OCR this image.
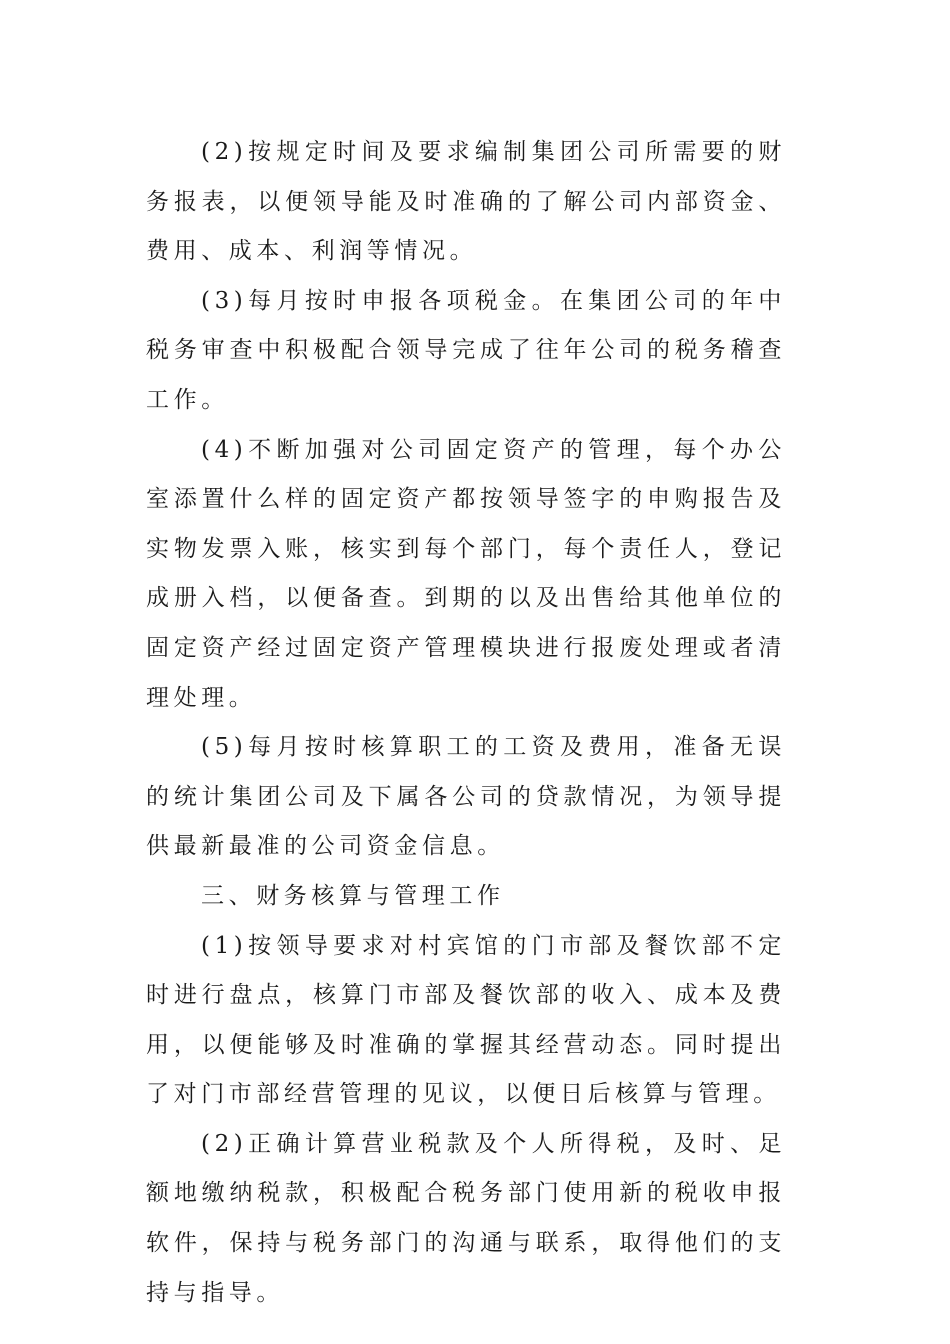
(2)按规定时间及要求编制集团公司所需要的财务报表，以便领导能及时准确的了解公司内部资金、费用、成本、利润等情况。

(3)每月按时申报各项税金。在集团公司的年中税务审查中积极配合领导完成了往年公司的税务稽查工作。

(4)不断加强对公司固定资产的管理，每个办公室添置什么样的固定资产都按领导签字的申购报告及实物发票入账，核实到每个部门，每个责任人，登记成册入档，以便备查。到期的以及出售给其他单位的固定资产经过固定资产管理模块进行报废处理或者清理处理。

(5)每月按时核算职工的工资及费用，准备无误的统计集团公司及下属各公司的贷款情况，为领导提供最新最准的公司资金信息。

三、财务核算与管理工作

(1)按领导要求对村宾馆的门市部及餐饮部不定时进行盘点，核算门市部及餐饮部的收入、成本及费用，以便能够及时准确的掌握其经营动态。同时提出了对门市部经营管理的见议，以便日后核算与管理。

(2)正确计算营业税款及个人所得税，及时、足额地缴纳税款，积极配合税务部门使用新的税收申报软件，保持与税务部门的沟通与联系，取得他们的支持与指导。
